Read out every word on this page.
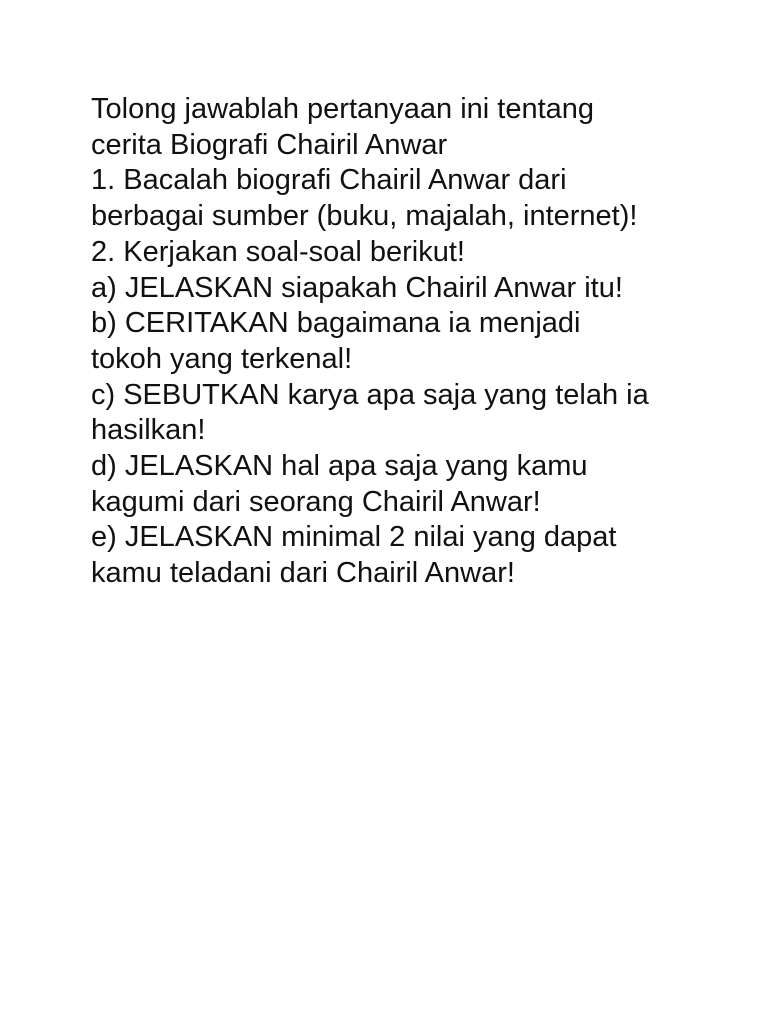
Tolong jawablah pertanyaan ini tentang
cerita Biografi Chairil Anwar
1. Bacalah biografi Chairil Anwar dari
berbagai sumber (buku, majalah, internet)!
2. Kerjakan soal-soal berikut!
a) JELASKAN siapakah Chairil Anwar itu!
b) CERITAKAN bagaimana ia menjadi
tokoh yang terkenal!
c) SEBUTKAN karya apa saja yang telah ia
hasilkan!
d) JELASKAN hal apa saja yang kamu
kagumi dari seorang Chairil Anwar!
e) JELASKAN minimal 2 nilai yang dapat
kamu teladani dari Chairil Anwar!
